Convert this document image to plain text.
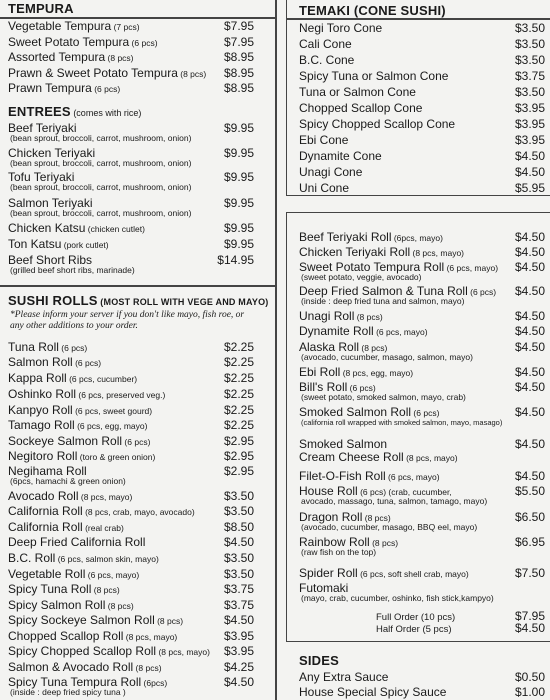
TEMPURA
Vegetable Tempura (7 pcs)	$7.95
Sweet Potato Tempura (6 pcs)	$7.95
Assorted Tempura (8 pcs)	$8.95
Prawn & Sweet Potato Tempura (8 pcs) $8.95
Prawn Tempura (6 pcs)	$8.95
ENTREES (comes with rice)
Beef Teriyaki	$9.95
(bean sprout, broccoli, carrot, mushroom, onion)
Chicken Teriyaki	$9.95
(bean sprout, broccoli, carrot, mushroom, onion)
Tofu Teriyaki	$9.95
(bean sprout, broccoli, carrot, mushroom, onion)
Salmon Teriyaki	$9.95
(bean sprout, broccoli, carrot, mushroom, onion)
Chicken Katsu (chicken cutlet)	$9.95
Ton Katsu (pork cutlet)	$9.95
Beef Short Ribs	$14.95
(grilled beef short ribs, marinade)
SUSHI ROLLS (MOST ROLL WITH VEGE AND MAYO)
*Please inform your server if you don't like mayo, fish roe, or any other additions to your order.
Tuna Roll (6 pcs)	$2.25
Salmon Roll (6 pcs)	$2.25
Kappa Roll (6 pcs, cucumber)	$2.25
Oshinko Roll (6 pcs, preserved veg.)	$2.25
Kanpyo Roll (6 pcs, sweet gourd)	$2.25
Tamago Roll (6 pcs, egg, mayo)	$2.25
Sockeye Salmon Roll (6 pcs)	$2.95
Negitoro Roll (toro & green onion)	$2.95
Negihama Roll	$2.95
(6pcs, hamachi & green onion)
Avocado Roll (8 pcs, mayo)	$3.50
California Roll (8 pcs, crab, mayo, avocado) $3.50
California Roll (real crab)	$8.50
Deep Fried California Roll	$4.50
B.C. Roll (6 pcs, salmon skin, mayo)	$3.50
Vegetable Roll (6 pcs, mayo)	$3.50
Spicy Tuna Roll (8 pcs)	$3.75
Spicy Salmon Roll (8 pcs)	$3.75
Spicy Sockeye Salmon Roll (8 pcs)	$4.50
Chopped Scallop Roll (8 pcs, mayo)	$3.95
Spicy Chopped Scallop Roll (8 pcs, mayo) $3.95
Salmon & Avocado Roll (8 pcs)	$4.25
Spicy Tuna Tempura Roll (6pcs)	$4.50
(inside : deep fried spicy tuna )
TEMAKI (CONE SUSHI)
Negi Toro Cone	$3.50
Cali Cone	$3.50
B.C. Cone	$3.50
Spicy Tuna or Salmon Cone	$3.75
Tuna or Salmon Cone	$3.50
Chopped Scallop Cone	$3.95
Spicy Chopped Scallop Cone	$3.95
Ebi Cone	$3.95
Dynamite Cone	$4.50
Unagi Cone	$4.50
Uni Cone	$5.95
Beef Teriyaki Roll (6pcs, mayo)	$4.50
Chicken Teriyaki Roll (8 pcs, mayo)	$4.50
Sweet Potato Tempura Roll (6 pcs, mayo) $4.50
(sweet potato, veggie, avocado)
Deep Fried Salmon & Tuna Roll (6 pcs) $4.50
(inside : deep fried tuna and salmon, mayo)
Unagi Roll (8 pcs)	$4.50
Dynamite Roll (6 pcs, mayo)	$4.50
Alaska Roll (8 pcs)	$4.50
(avocado, cucumber, masago, salmon, mayo)
Ebi Roll (8 pcs, egg, mayo)	$4.50
Bill's Roll (6 pcs)	$4.50
(sweet potato, smoked salmon, mayo, crab)
Smoked Salmon Roll (6 pcs)	$4.50
(california roll wrapped with smoked salmon, mayo, masago)
Smoked Salmon	$4.50
Cream Cheese Roll (8 pcs, mayo)
Filet-O-Fish Roll (6 pcs, mayo)	$4.50
House Roll (6 pcs) (crab, cucumber,	$5.50
avocado, massago, tuna, salmon, tamago, mayo)
Dragon Roll (8 pcs)	$6.50
(avocado, cucumber, masago, BBQ eel, mayo)
Rainbow Roll (8 pcs)	$6.95
(raw fish on the top)
Spider Roll (6 pcs, soft shell crab, mayo)	$7.50
Futomaki
(mayo, crab, cucumber, oshinko, fish stick,kampyo)
Full Order (10 pcs)	$7.95
Half Order (5 pcs)	$4.50
SIDES
Any Extra Sauce	$0.50
House Special Spicy Sauce	$1.00
